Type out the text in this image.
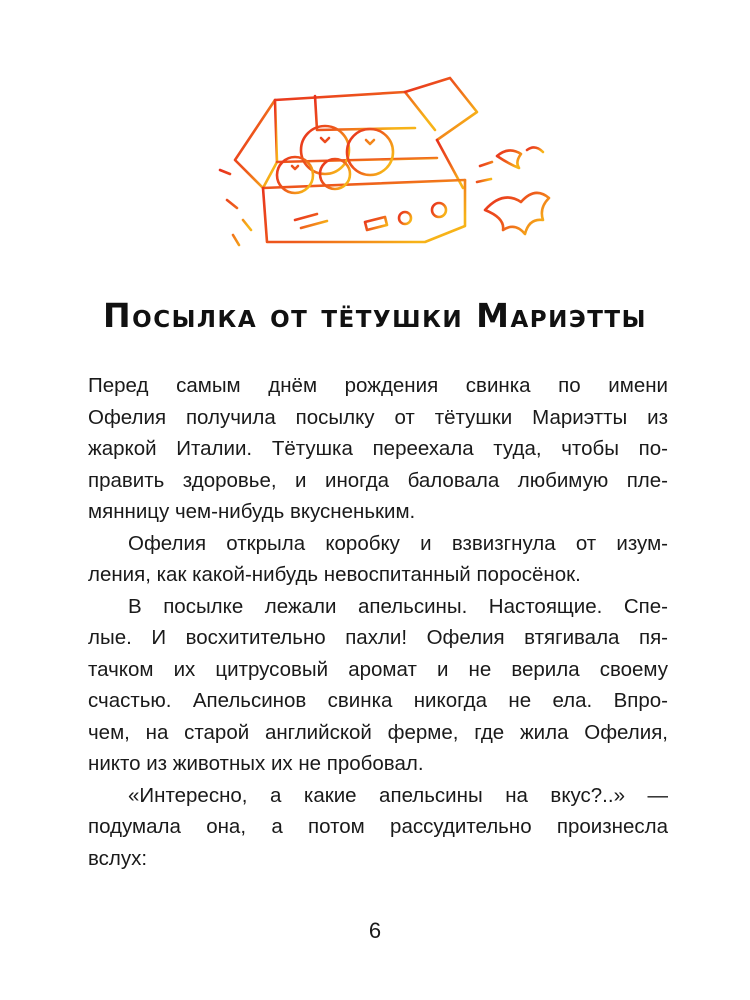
Посылка от тётушки Мариэтты
Перед самым днём рождения свинка по имени
Офелия получила посылку от тётушки Мариэтты из
жаркой Италии. Тётушка переехала туда, чтобы по-
править здоровье, и иногда баловала любимую пле-
мянницу чем-нибудь вкусненьким.
Офелия открыла коробку и взвизгнула от изум-
ления, как какой-нибудь невоспитанный поросёнок.
В посылке лежали апельсины. Настоящие. Спе-
лые. И восхитительно пахли! Офелия втягивала пя-
тачком их цитрусовый аромат и не верила своему
счастью. Апельсинов свинка никогда не ела. Впро-
чем, на старой английской ферме, где жила Офелия,
никто из животных их не пробовал.
«Интересно, а какие апельсины на вкус?..» —
подумала она, а потом рассудительно произнесла
вслух:
6
